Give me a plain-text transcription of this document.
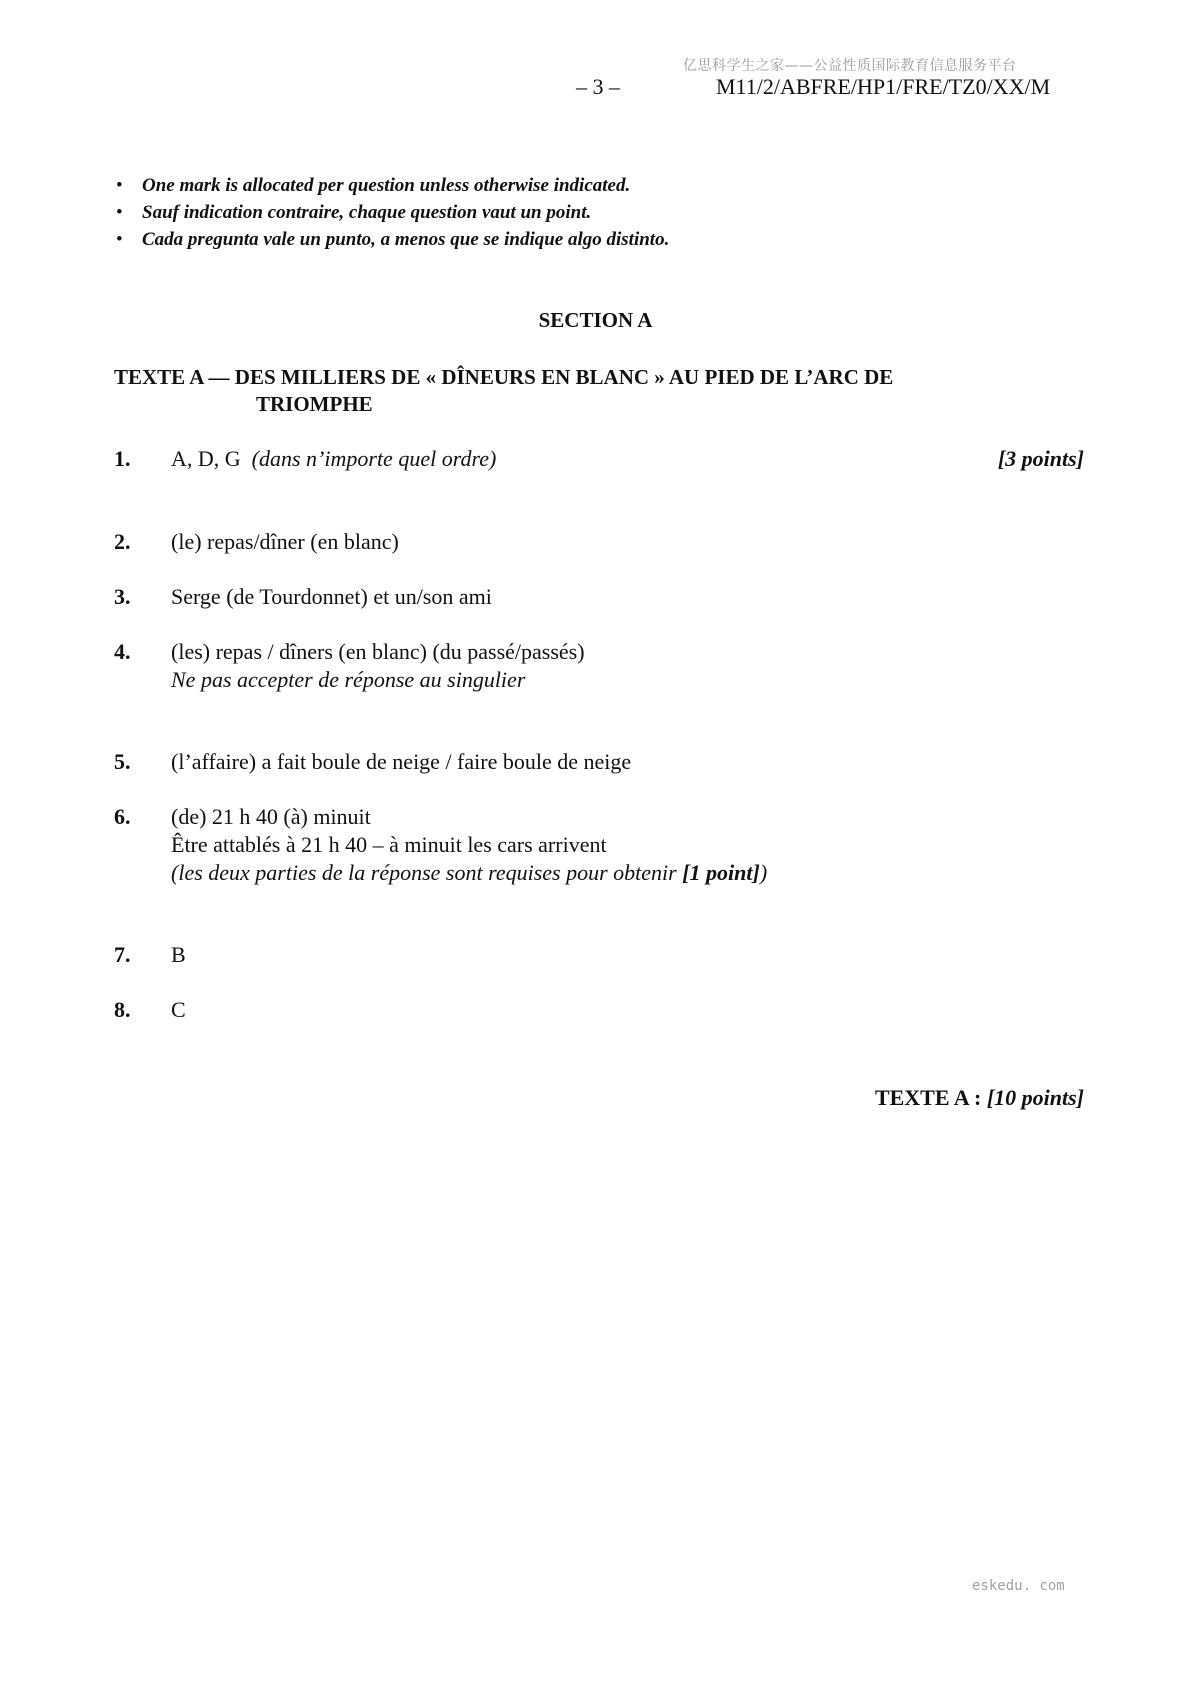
亿思科学生之家——公益性质国际教育信息服务平台
– 3 –	M11/2/ABFRE/HP1/FRE/TZ0/XX/M
• One mark is allocated per question unless otherwise indicated.
• Sauf indication contraire, chaque question vaut un point.
• Cada pregunta vale un punto, a menos que se indique algo distinto.
SECTION A
TEXTE A — DES MILLIERS DE « DÎNEURS EN BLANC » AU PIED DE L’ARC DE
TRIOMPHE
1. A, D, G (dans n’importe quel ordre)	[3 points]
2. (le) repas/dîner (en blanc)
3. Serge (de Tourdonnet) et un/son ami
4. (les) repas / dîners (en blanc) (du passé/passés)
Ne pas accepter de réponse au singulier
5. (l’affaire) a fait boule de neige / faire boule de neige
6. (de) 21 h 40 (à) minuit
Être attablés à 21 h 40 – à minuit les cars arrivent
(les deux parties de la réponse sont requises pour obtenir [1 point])
7. B
8. C
TEXTE A : [10 points]
eskedu. com
